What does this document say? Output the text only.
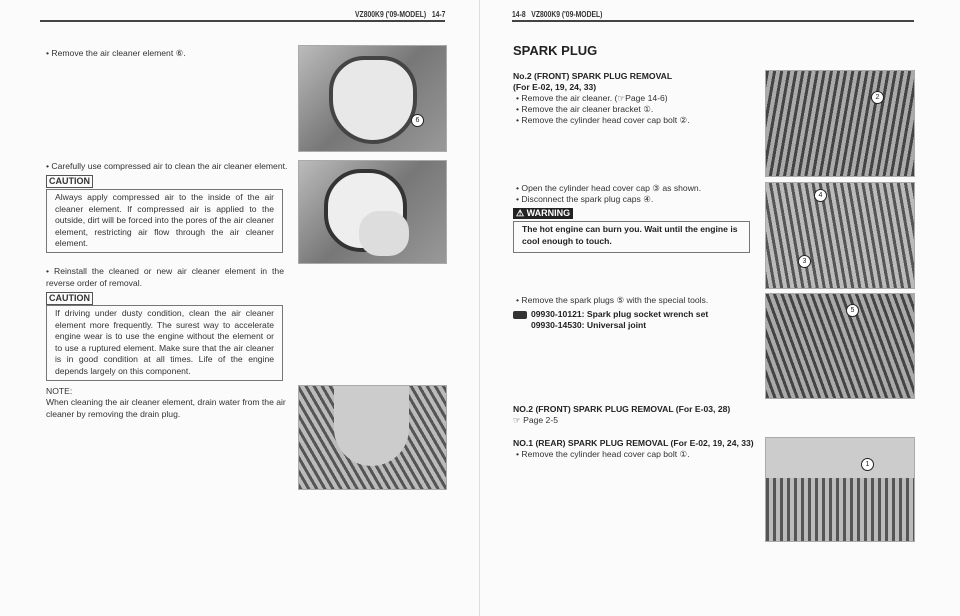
VZ800K9 ('09-MODEL) 14-7
• Remove the air cleaner element ⑥.
6
• Carefully use compressed air to clean the air cleaner element.
CAUTION
Always apply compressed air to the inside of the air cleaner element. If compressed air is applied to the outside, dirt will be forced into the pores of the air cleaner element, restricting air flow through the air cleaner element.
• Reinstall the cleaned or new air cleaner element in the reverse order of removal.
CAUTION
If driving under dusty condition, clean the air cleaner element more frequently. The surest way to accelerate engine wear is to use the engine without the element or to use a ruptured element. Make sure that the air cleaner is in good condition at all times. Life of the engine depends largely on this component.
NOTE:
When cleaning the air cleaner element, drain water from the air cleaner by removing the drain plug.
14-8 VZ800K9 ('09-MODEL)
SPARK PLUG
No.2 (FRONT) SPARK PLUG REMOVAL
(For E-02, 19, 24, 33)
• Remove the air cleaner. (☞Page 14-6)
• Remove the air cleaner bracket ①.
• Remove the cylinder head cover cap bolt ②.
2
• Open the cylinder head cover cap ③ as shown.
• Disconnect the spark plug caps ④.
⚠ WARNING
The hot engine can burn you. Wait until the engine is cool enough to touch.
4
3
• Remove the spark plugs ⑤ with the special tools.
09930-10121: Spark plug socket wrench set
09930-14530: Universal joint
5
NO.2 (FRONT) SPARK PLUG REMOVAL (For E-03, 28)
☞ Page 2-5
NO.1 (REAR) SPARK PLUG REMOVAL (For E-02, 19, 24, 33)
• Remove the cylinder head cover cap bolt ①.
1
